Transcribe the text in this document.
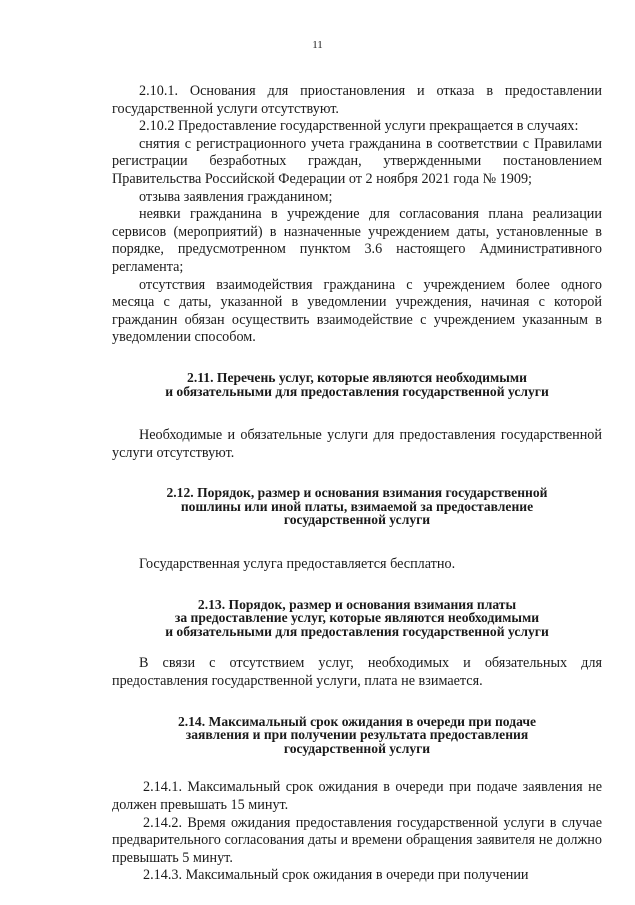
11

2.10.1. Основания для приостановления и отказа в предоставлении государственной услуги отсутствуют.

2.10.2 Предоставление государственной услуги прекращается в случаях:

снятия с регистрационного учета гражданина в соответствии с Правилами регистрации безработных граждан, утвержденными постановлением Правительства Российской Федерации от 2 ноября 2021 года № 1909;

отзыва заявления гражданином;

неявки гражданина в учреждение для согласования плана реализации сервисов (мероприятий) в назначенные учреждением даты, установленные в порядке, предусмотренном пунктом 3.6 настоящего Административного регламента;

отсутствия взаимодействия гражданина с учреждением более одного месяца с даты, указанной в уведомлении учреждения, начиная с которой гражданин обязан осуществить взаимодействие с учреждением указанным в уведомлении способом.

2.11. Перечень услуг, которые являются необходимыми
и обязательными для предоставления государственной услуги

Необходимые и обязательные услуги для предоставления государственной услуги отсутствуют.

2.12. Порядок, размер и основания взимания государственной
пошлины или иной платы, взимаемой за предоставление
государственной услуги

Государственная услуга предоставляется бесплатно.

2.13. Порядок, размер и основания взимания платы
за предоставление услуг, которые являются необходимыми
и обязательными для предоставления государственной услуги

В связи с отсутствием услуг, необходимых и обязательных для предоставления государственной услуги, плата не взимается.

2.14. Максимальный срок ожидания в очереди при подаче
заявления и при получении результата предоставления
государственной услуги

2.14.1. Максимальный срок ожидания в очереди при подаче заявления не должен превышать 15 минут.

2.14.2. Время ожидания предоставления государственной услуги в случае предварительного согласования даты и времени обращения заявителя не должно превышать 5 минут.

2.14.3. Максимальный срок ожидания в очереди при получении
